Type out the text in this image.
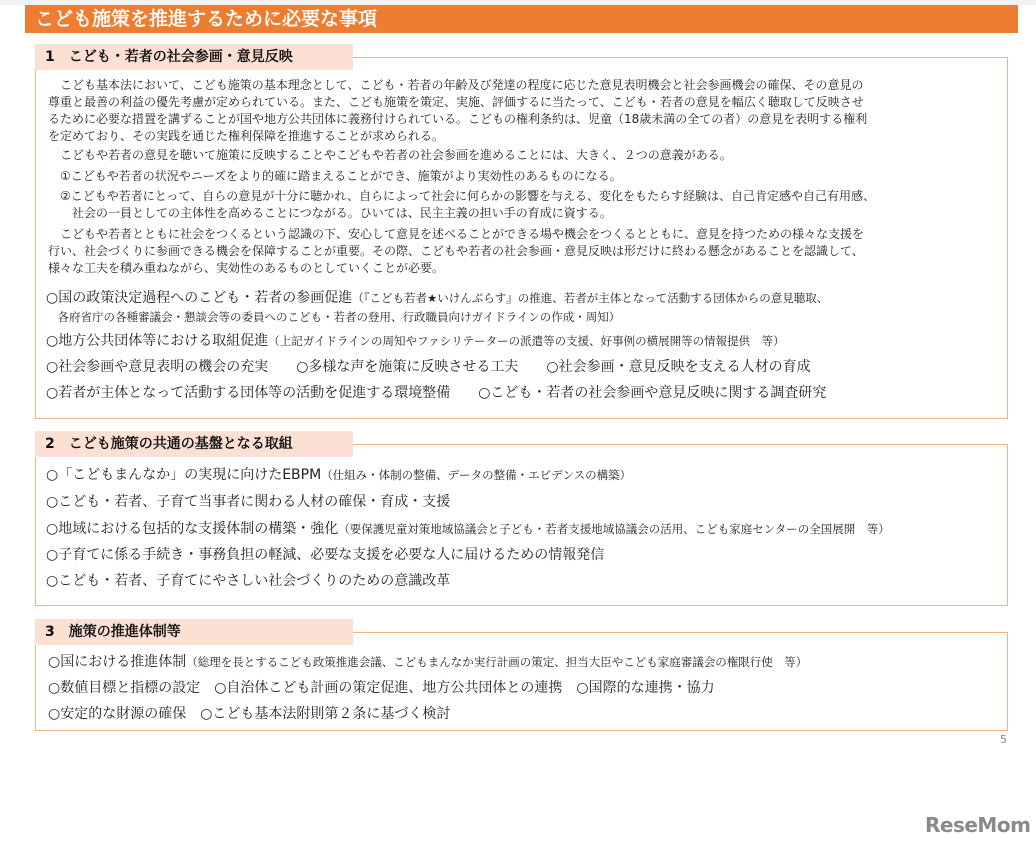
こども施策を推進するために必要な事項
1　こども・若者の社会参画・意見反映
　こども基本法において、こども施策の基本理念として、こども・若者の年齢及び発達の程度に応じた意見表明機会と社会参画機会の確保、その意見の
尊重と最善の利益の優先考慮が定められている。また、こども施策を策定、実施、評価するに当たって、こども・若者の意見を幅広く聴取して反映させ
るために必要な措置を講ずることが国や地方公共団体に義務付けられている。こどもの権利条約は、児童（18歳未満の全ての者）の意見を表明する権利
を定めており、その実践を通じた権利保障を推進することが求められる。
　こどもや若者の意見を聴いて施策に反映することやこどもや若者の社会参画を進めることには、大きく、２つの意義がある。
　①こどもや若者の状況やニーズをより的確に踏まえることができ、施策がより実効性のあるものになる。
　②こどもや若者にとって、自らの意見が十分に聴かれ、自らによって社会に何らかの影響を与える、変化をもたらす経験は、自己肯定感や自己有用感、
　　社会の一員としての主体性を高めることにつながる。ひいては、民主主義の担い手の育成に資する。
　こどもや若者とともに社会をつくるという認識の下、安心して意見を述べることができる場や機会をつくるとともに、意見を持つための様々な支援を
行い、社会づくりに参画できる機会を保障することが重要。その際、こどもや若者の社会参画・意見反映は形だけに終わる懸念があることを認識して、
様々な工夫を積み重ねながら、実効性のあるものとしていくことが必要。
○国の政策決定過程へのこども・若者の参画促進（『こども若者★いけんぷらす』の推進、若者が主体となって活動する団体からの意見聴取、
　各府省庁の各種審議会・懇談会等の委員へのこども・若者の登用、行政職員向けガイドラインの作成・周知）
○地方公共団体等における取組促進（上記ガイドラインの周知やファシリテーターの派遣等の支援、好事例の横展開等の情報提供　等）
○社会参画や意見表明の機会の充実　　○多様な声を施策に反映させる工夫　　○社会参画・意見反映を支える人材の育成
○若者が主体となって活動する団体等の活動を促進する環境整備　　○こども・若者の社会参画や意見反映に関する調査研究
2　こども施策の共通の基盤となる取組
○「こどもまんなか」の実現に向けたEBPM（仕組み・体制の整備、データの整備・エビデンスの構築）
○こども・若者、子育て当事者に関わる人材の確保・育成・支援
○地域における包括的な支援体制の構築・強化（要保護児童対策地域協議会と子ども・若者支援地域協議会の活用、こども家庭センターの全国展開　等）
○子育てに係る手続き・事務負担の軽減、必要な支援を必要な人に届けるための情報発信
○こども・若者、子育てにやさしい社会づくりのための意識改革
3　施策の推進体制等
○国における推進体制（総理を長とするこども政策推進会議、こどもまんなか実行計画の策定、担当大臣やこども家庭審議会の権限行使　等）
○数値目標と指標の設定　○自治体こども計画の策定促進、地方公共団体との連携　○国際的な連携・協力
○安定的な財源の確保　○こども基本法附則第２条に基づく検討
5
ReseMom
